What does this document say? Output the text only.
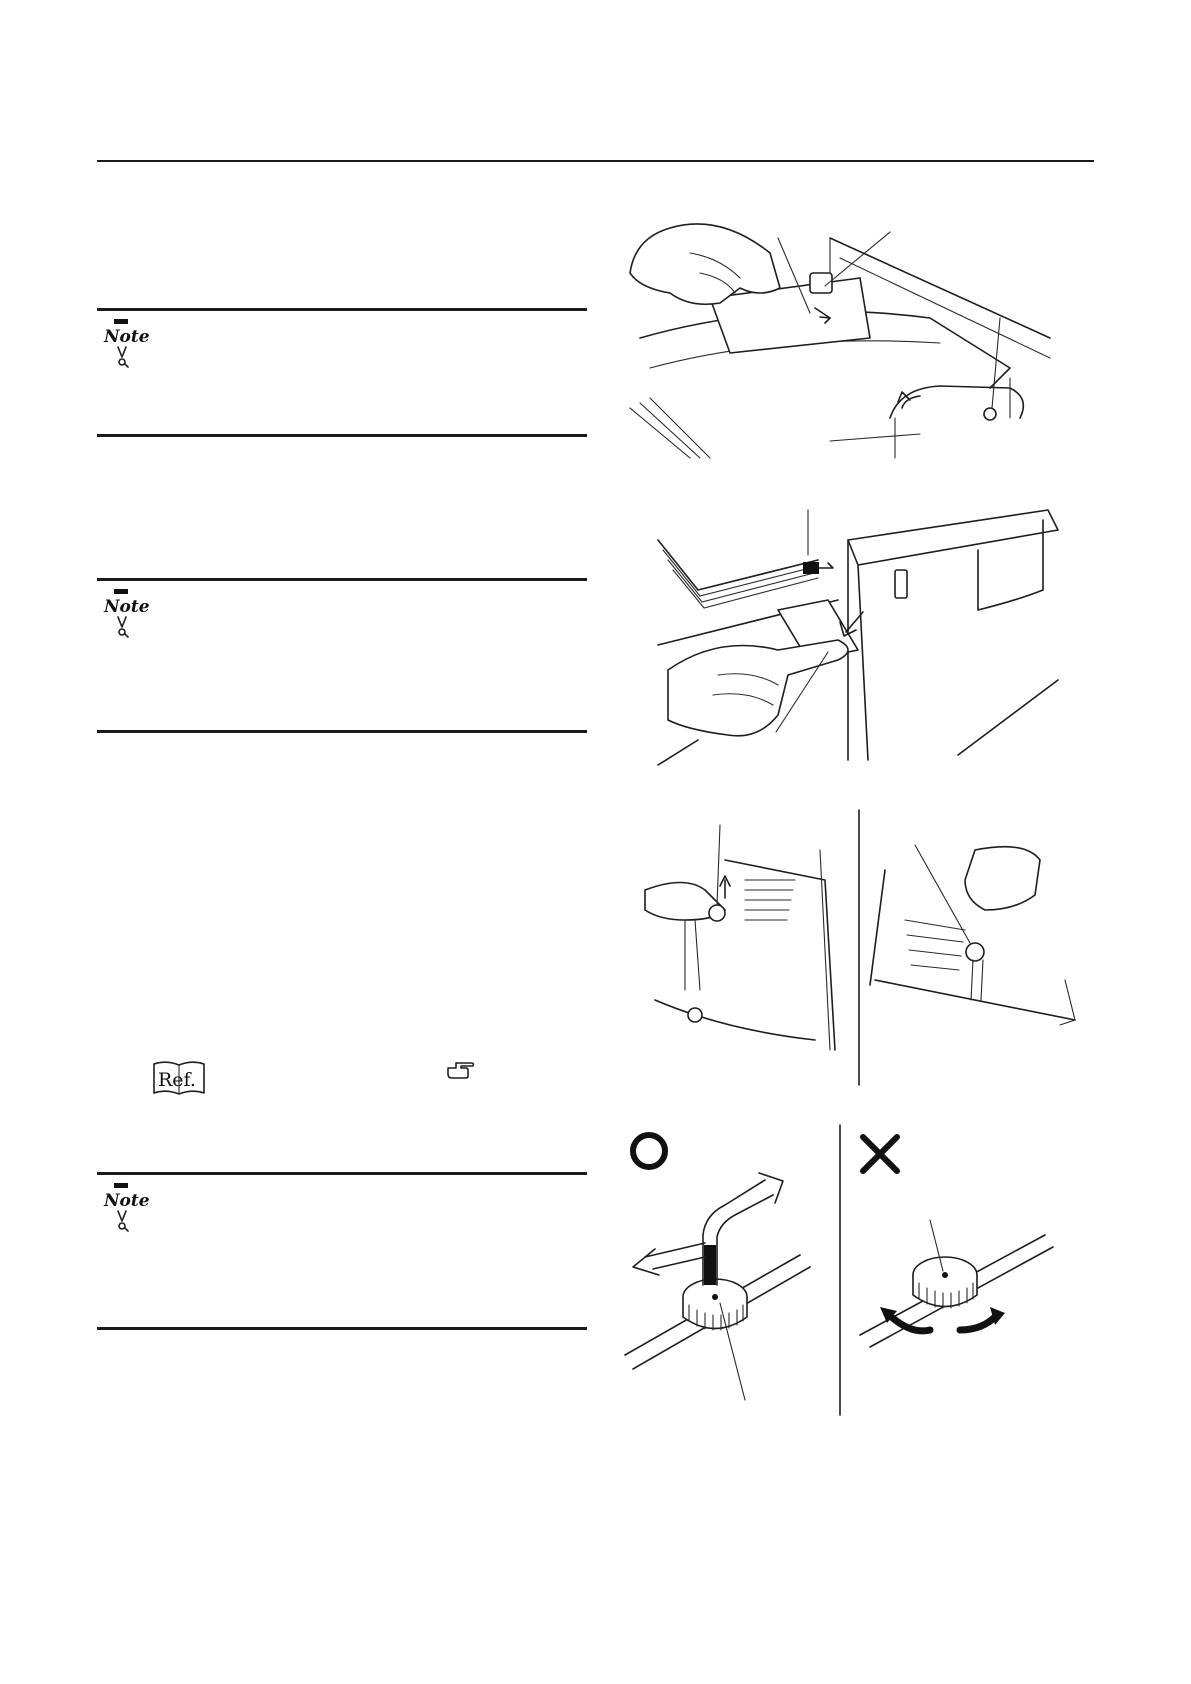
Note
Note
Ref.
Note
